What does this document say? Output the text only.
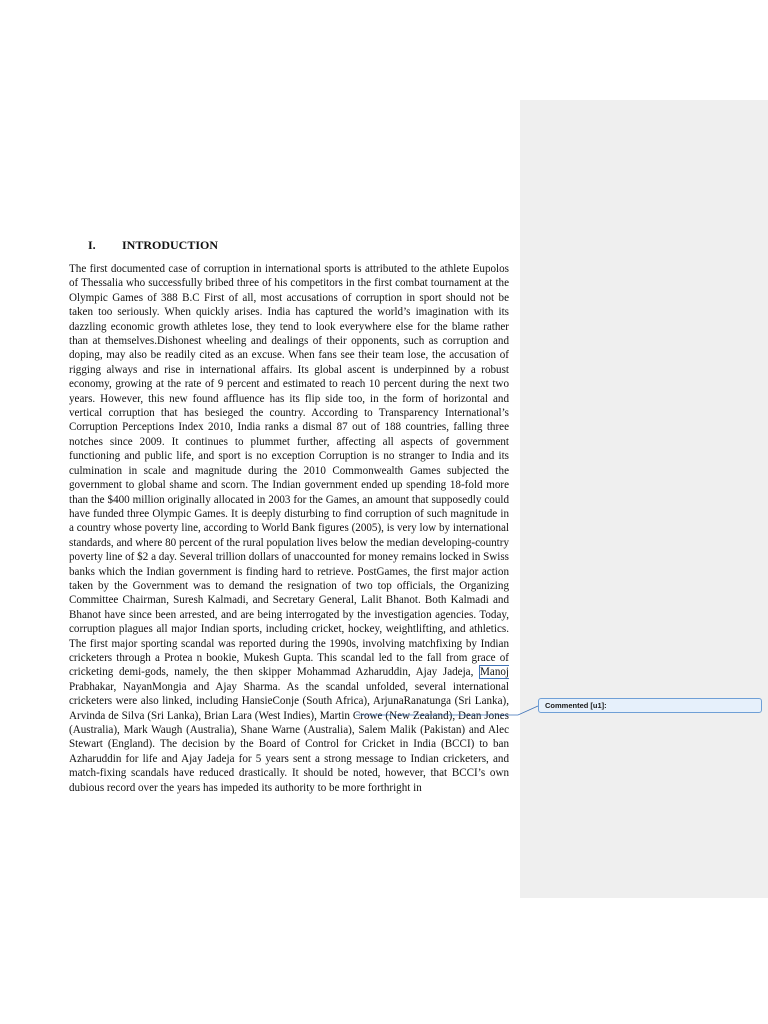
I. INTRODUCTION

The first documented case of corruption in international sports is attributed to the athlete Eupolos of Thessalia who successfully bribed three of his competitors in the first combat tournament at the Olympic Games of 388 B.C First of all, most accusations of corruption in sport should not be taken too seriously. When quickly arises. India has captured the world’s imagination with its dazzling economic growth athletes lose, they tend to look everywhere else for the blame rather than at themselves.Dishonest wheeling and dealings of their opponents, such as corruption and doping, may also be readily cited as an excuse. When fans see their team lose, the accusation of rigging always and rise in international affairs. Its global ascent is underpinned by a robust economy, growing at the rate of 9 percent and estimated to reach 10 percent during the next two years. However, this new found affluence has its flip side too, in the form of horizontal and vertical corruption that has besieged the country. According to Transparency International’s Corruption Perceptions Index 2010, India ranks a dismal 87 out of 188 countries, falling three notches since 2009. It continues to plummet further, affecting all aspects of government functioning and public life, and sport is no exception Corruption is no stranger to India and its culmination in scale and magnitude during the 2010 Commonwealth Games subjected the government to global shame and scorn. The Indian government ended up spending 18-fold more than the $400 million originally allocated in 2003 for the Games, an amount that supposedly could have funded three Olympic Games. It is deeply disturbing to find corruption of such magnitude in a country whose poverty line, according to World Bank figures (2005), is very low by international standards, and where 80 percent of the rural population lives below the median developing-country poverty line of $2 a day. Several trillion dollars of unaccounted for money remains locked in Swiss banks which the Indian government is finding hard to retrieve. PostGames, the first major action taken by the Government was to demand the resignation of two top officials, the Organizing Committee Chairman, Suresh Kalmadi, and Secretary General, Lalit Bhanot. Both Kalmadi and Bhanot have since been arrested, and are being interrogated by the investigation agencies. Today, corruption plagues all major Indian sports, including cricket, hockey, weightlifting, and athletics. The first major sporting scandal was reported during the 1990s, involving matchfixing by Indian cricketers through a Protea n bookie, Mukesh Gupta. This scandal led to the fall from grace of cricketing demi-gods, namely, the then skipper Mohammad Azharuddin, Ajay Jadeja, Manoj Prabhakar, NayanMongia and Ajay Sharma. As the scandal unfolded, several international cricketers were also linked, including HansieConje (South Africa), ArjunaRanatunga (Sri Lanka), Arvinda de Silva (Sri Lanka), Brian Lara (West Indies), Martin Crowe (New Zealand), Dean Jones (Australia), Mark Waugh (Australia), Shane Warne (Australia), Salem Malik (Pakistan) and Alec Stewart (England). The decision by the Board of Control for Cricket in India (BCCI) to ban Azharuddin for life and Ajay Jadeja for 5 years sent a strong message to Indian cricketers, and match-fixing scandals have reduced drastically. It should be noted, however, that BCCI’s own dubious record over the years has impeded its authority to be more forthright in

Commented [u1]:
